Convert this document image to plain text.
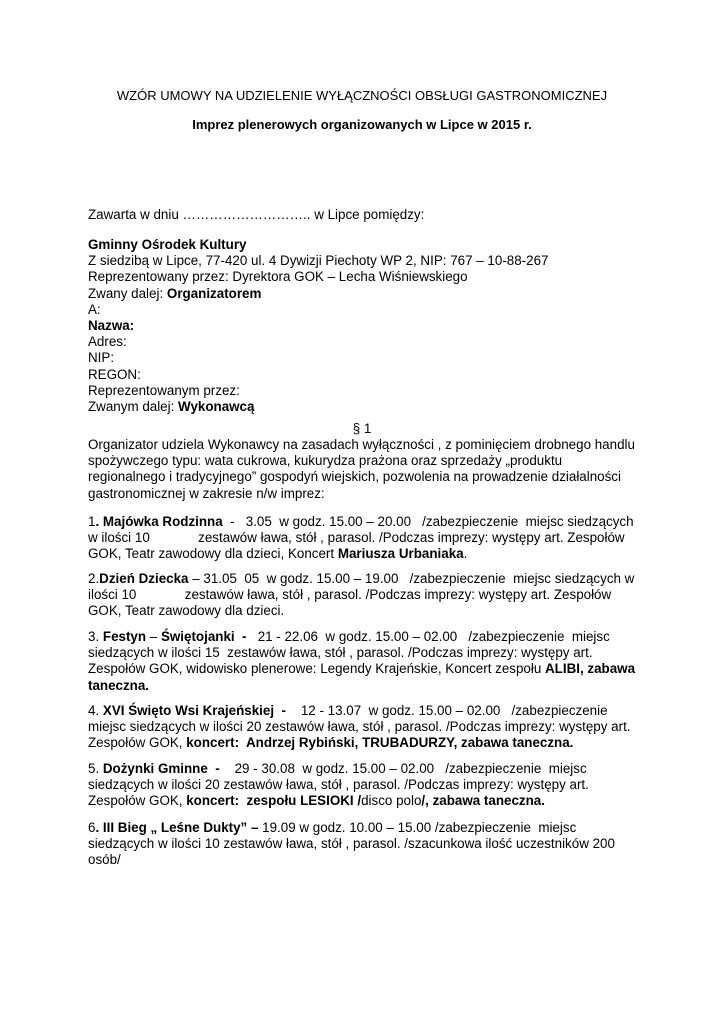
WZÓR UMOWY NA UDZIELENIE WYŁĄCZNOŚCI OBSŁUGI GASTRONOMICZNEJ
Imprez plenerowych organizowanych w Lipce w 2015 r.
Zawarta w dniu ……………………….. w Lipce pomiędzy:
Gminny Ośrodek Kultury
Z siedzibą w Lipce, 77-420 ul. 4 Dywizji Piechoty WP 2, NIP: 767 – 10-88-267
Reprezentowany przez: Dyrektora GOK – Lecha Wiśniewskiego
Zwany dalej: Organizatorem
A:
Nazwa:
Adres:
NIP:
REGON:
Reprezentowanym przez:
Zwanym dalej: Wykonawcą
§ 1
Organizator udziela Wykonawcy na zasadach wyłączności , z pominięciem drobnego handlu
spożywczego typu: wata cukrowa, kukurydza prażona oraz sprzedaży „produktu
regionalnego i tradycyjnego” gospodyń wiejskich, pozwolenia na prowadzenie działalności
gastronomicznej w zakresie n/w imprez:
1. Majówka Rodzinna  -   3.05  w godz. 15.00 – 20.00   /zabezpieczenie  miejsc siedzących
w ilości 10             zestawów ława, stół , parasol. /Podczas imprezy: występy art. Zespołów
GOK, Teatr zawodowy dla dzieci, Koncert Mariusza Urbaniaka.
2.Dzień Dziecka – 31.05  05  w godz. 15.00 – 19.00   /zabezpieczenie  miejsc siedzących w
ilości 10             zestawów ława, stół , parasol. /Podczas imprezy: występy art. Zespołów
GOK, Teatr zawodowy dla dzieci.
3. Festyn – Świętojanki  -   21 - 22.06  w godz. 15.00 – 02.00   /zabezpieczenie  miejsc
siedzących w ilości 15  zestawów ława, stół , parasol. /Podczas imprezy: występy art.
Zespołów GOK, widowisko plenerowe: Legendy Krajeńskie, Koncert zespołu ALIBI, zabawa
taneczna.
4. XVI Święto Wsi Krajeńskiej  -    12 - 13.07  w godz. 15.00 – 02.00   /zabezpieczenie
miejsc siedzących w ilości 20 zestawów ława, stół , parasol. /Podczas imprezy: występy art.
Zespołów GOK, koncert:  Andrzej Rybiński, TRUBADURZY, zabawa taneczna.
5. Dożynki Gminne  -    29 - 30.08  w godz. 15.00 – 02.00   /zabezpieczenie  miejsc
siedzących w ilości 20 zestawów ława, stół , parasol. /Podczas imprezy: występy art.
Zespołów GOK, koncert:  zespołu LESIOKI /disco polo/, zabawa taneczna.
6. III Bieg „ Leśne Dukty” – 19.09 w godz. 10.00 – 15.00 /zabezpieczenie  miejsc
siedzących w ilości 10 zestawów ława, stół , parasol. /szacunkowa ilość uczestników 200
osób/
